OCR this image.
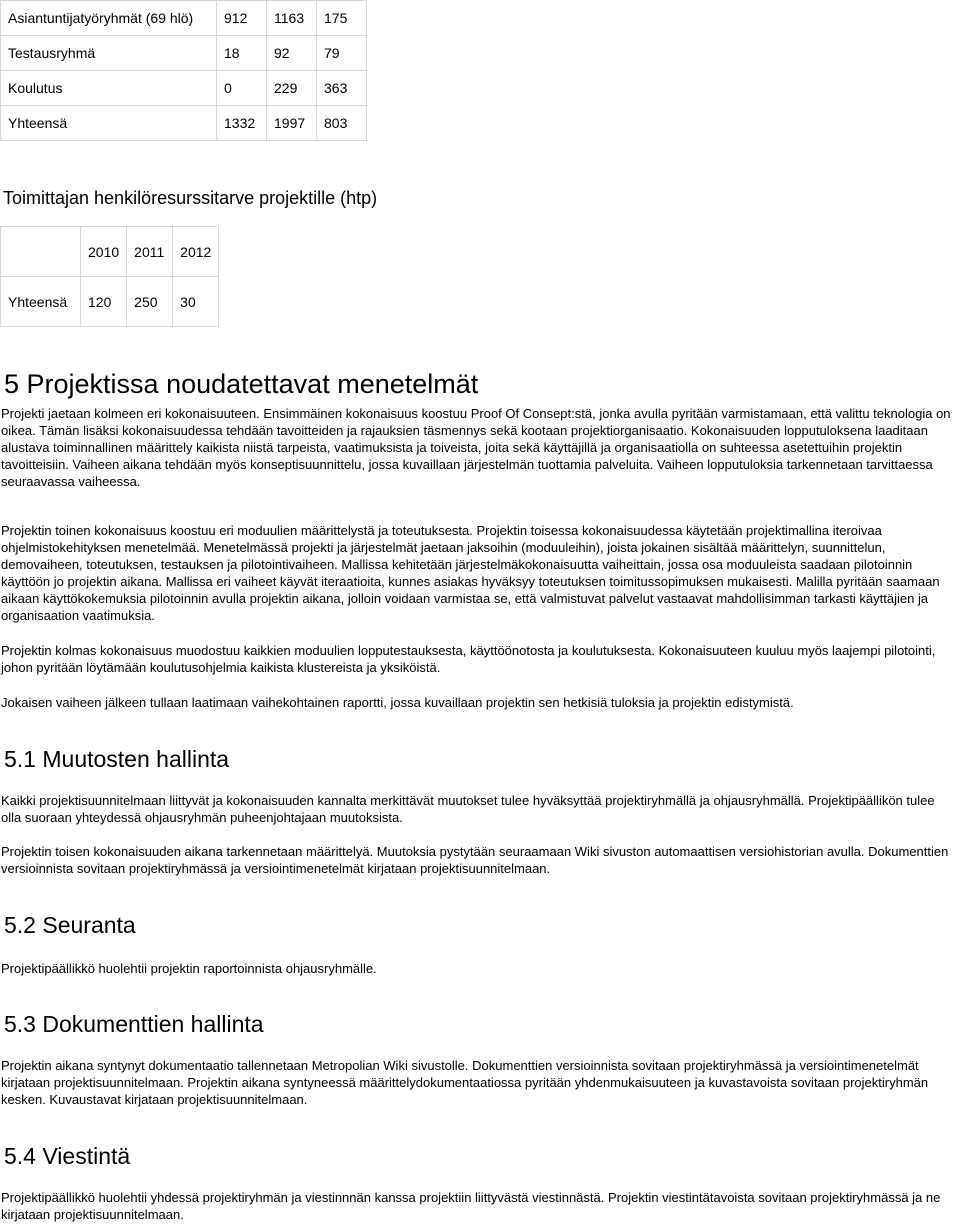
Asiantuntijatyöryhmät (69 hlö)	912	1163	175
Testausryhmä	18	92	79
Koulutus	0	229	363
Yhteensä	1332	1997	803
Toimittajan henkilöresurssitarve projektille (htp)
	2010	2011	2012
Yhteensä	120	250	30
5 Projektissa noudatettavat menetelmät

Projekti jaetaan kolmeen eri kokonaisuuteen. Ensimmäinen kokonaisuus koostuu Proof Of Consept:stä, jonka avulla pyritään varmistamaan, että valittu teknologia on oikea. Tämän lisäksi kokonaisuudessa tehdään tavoitteiden ja rajauksien täsmennys sekä kootaan projektiorganisaatio. Kokonaisuuden lopputuloksena laaditaan alustava toiminnallinen määrittely kaikista niistä tarpeista, vaatimuksista ja toiveista, joita sekä käyttäjillä ja organisaatiolla on suhteessa asetettuihin projektin tavoitteisiin. Vaiheen aikana tehdään myös konseptisuunnittelu, jossa kuvaillaan järjestelmän tuottamia palveluita. Vaiheen lopputuloksia tarkennetaan tarvittaessa seuraavassa vaiheessa.

Projektin toinen kokonaisuus koostuu eri moduulien määrittelystä ja toteutuksesta. Projektin toisessa kokonaisuudessa käytetään projektimallina iteroivaa ohjelmistokehityksen menetelmää. Menetelmässä projekti ja järjestelmät jaetaan jaksoihin (moduuleihin), joista jokainen sisältää määrittelyn, suunnittelun, demovaiheen, toteutuksen, testauksen ja pilotointivaiheen. Mallissa kehitetään järjestelmäkokonaisuutta vaiheittain, jossa osa moduuleista saadaan pilotoinnin käyttöön jo projektin aikana. Mallissa eri vaiheet käyvät iteraatioita, kunnes asiakas hyväksyy toteutuksen toimitussopimuksen mukaisesti. Malilla pyritään saamaan aikaan käyttökokemuksia pilotoinnin avulla projektin aikana, jolloin voidaan varmistaa se, että valmistuvat palvelut vastaavat mahdollisimman tarkasti käyttäjien ja organisaation vaatimuksia.

Projektin kolmas kokonaisuus muodostuu kaikkien moduulien lopputestauksesta, käyttöönotosta ja koulutuksesta. Kokonaisuuteen kuuluu myös laajempi pilotointi, johon pyritään löytämään koulutusohjelmia kaikista klustereista ja yksiköistä.

Jokaisen vaiheen jälkeen tullaan laatimaan vaihekohtainen raportti, jossa kuvaillaan projektin sen hetkisiä tuloksia ja projektin edistymistä.

5.1 Muutosten hallinta

Kaikki projektisuunnitelmaan liittyvät ja kokonaisuuden kannalta merkittävät muutokset tulee hyväksyttää projektiryhmällä ja ohjausryhmällä. Projektipäällikön tulee olla suoraan yhteydessä ohjausryhmän puheenjohtajaan muutoksista.

Projektin toisen kokonaisuuden aikana tarkennetaan määrittelyä. Muutoksia pystytään seuraamaan Wiki sivuston automaattisen versiohistorian avulla. Dokumenttien versioinnista sovitaan projektiryhmässä ja versiointimenetelmät kirjataan projektisuunnitelmaan.

5.2 Seuranta

Projektipäällikkö huolehtii projektin raportoinnista ohjausryhmälle.

5.3 Dokumenttien hallinta

Projektin aikana syntynyt dokumentaatio tallennetaan Metropolian Wiki sivustolle. Dokumenttien versioinnista sovitaan projektiryhmässä ja versiointimenetelmät kirjataan projektisuunnitelmaan. Projektin aikana syntyneessä määrittelydokumentaatiossa pyritään yhdenmukaisuuteen ja kuvastavoista sovitaan projektiryhmän kesken. Kuvaustavat kirjataan projektisuunnitelmaan.

5.4 Viestintä

Projektipäällikkö huolehtii yhdessä projektiryhmän ja viestinnnän kanssa projektiin liittyvästä viestinnästä. Projektin viestintätavoista sovitaan projektiryhmässä ja ne kirjataan projektisuunnitelmaan.
